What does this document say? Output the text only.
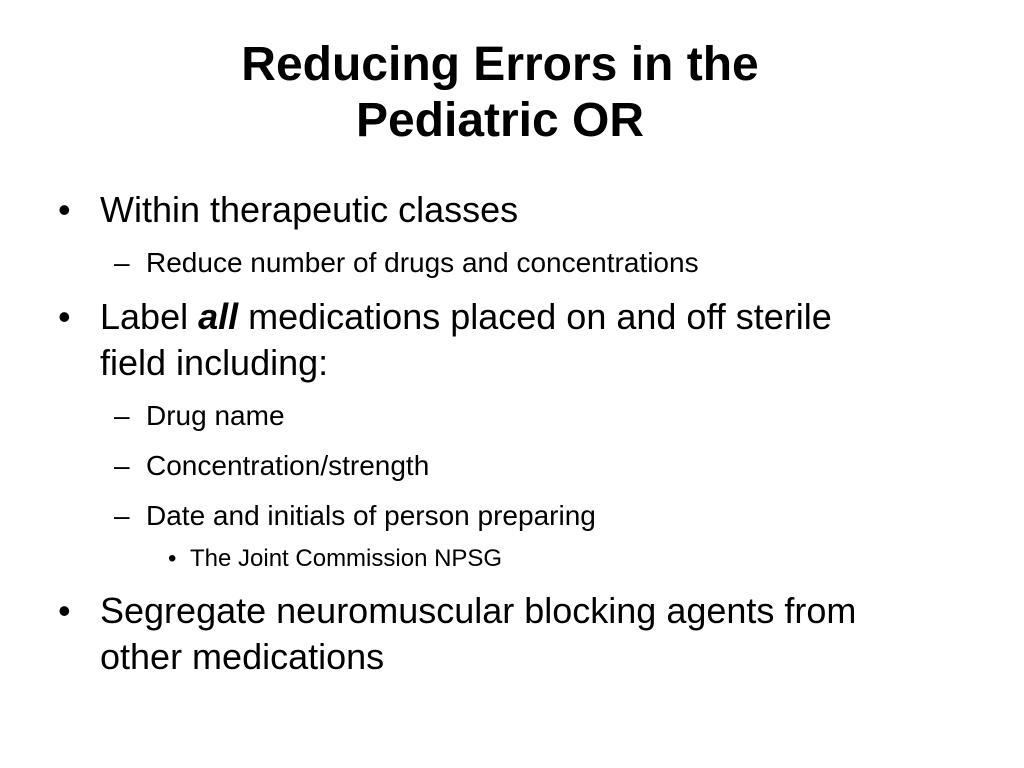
Reducing Errors in the
Pediatric OR
• Within therapeutic classes
– Reduce number of drugs and concentrations
• Label all medications placed on and off sterile
field including:
– Drug name
– Concentration/strength
– Date and initials of person preparing
• The Joint Commission NPSG
• Segregate neuromuscular blocking agents from
other medications
